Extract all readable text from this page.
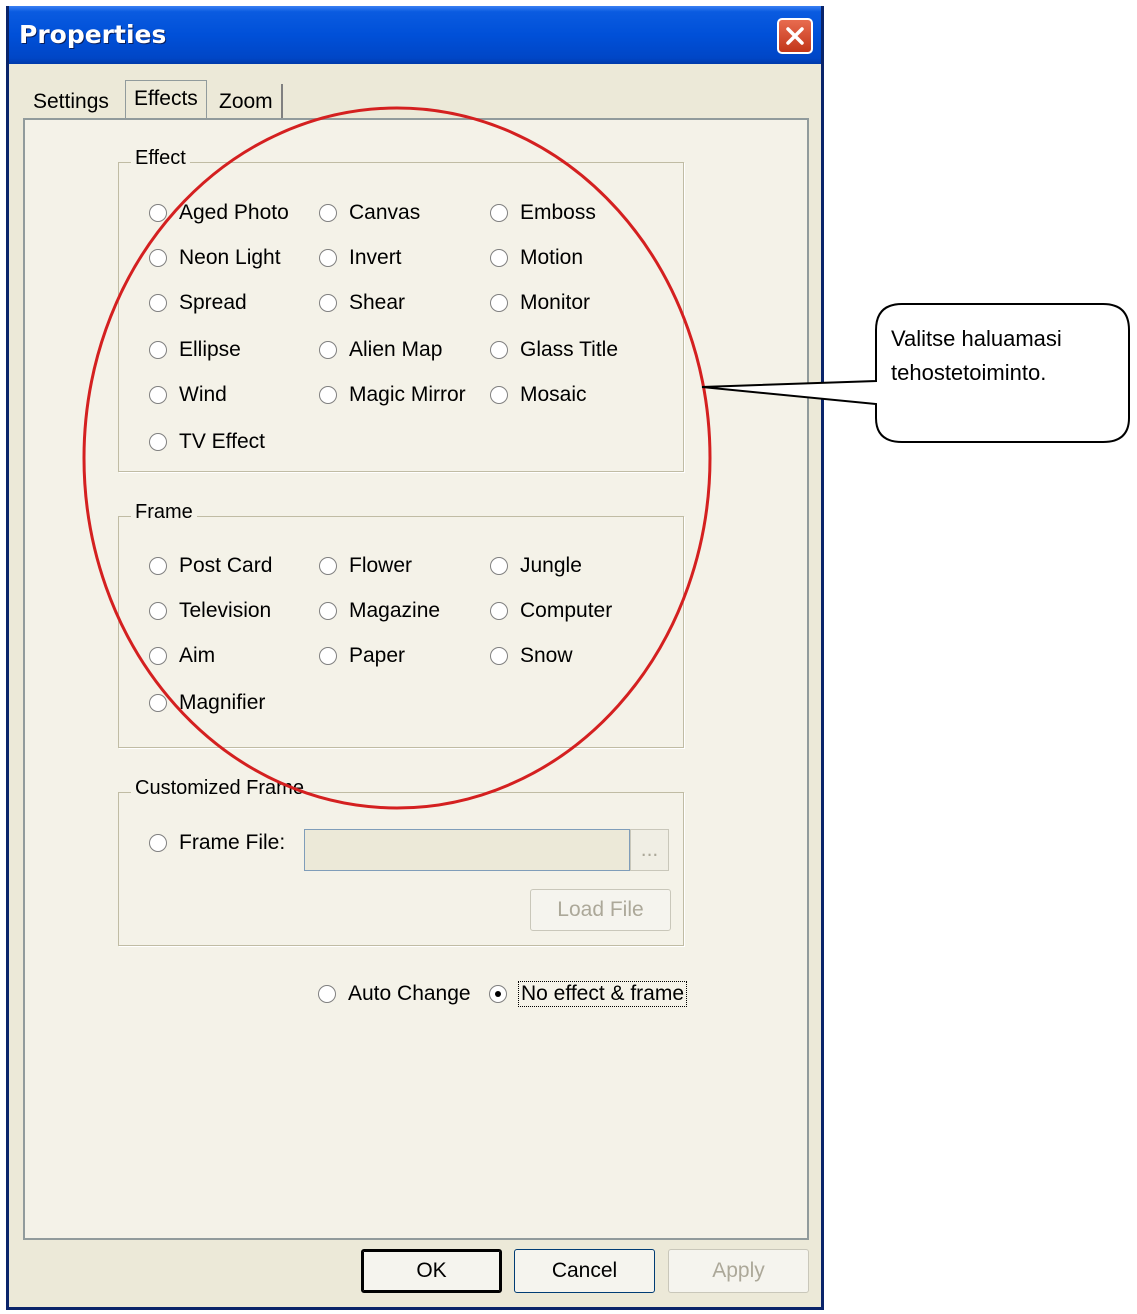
Properties
Settings	Effects	Zoom
Effect
Aged Photo	Canvas	Emboss
Neon Light	Invert	Motion
Spread	Shear	Monitor
Ellipse	Alien Map	Glass Title
Wind	Magic Mirror	Mosaic
TV Effect
Frame
Post Card	Flower	Jungle
Television	Magazine	Computer
Aim	Paper	Snow
Magnifier
Customized Frame
Frame File:	...
Load File
Auto Change No effect & frame
OK	Cancel	Apply
Valitse haluamasi
tehostetoiminto.
